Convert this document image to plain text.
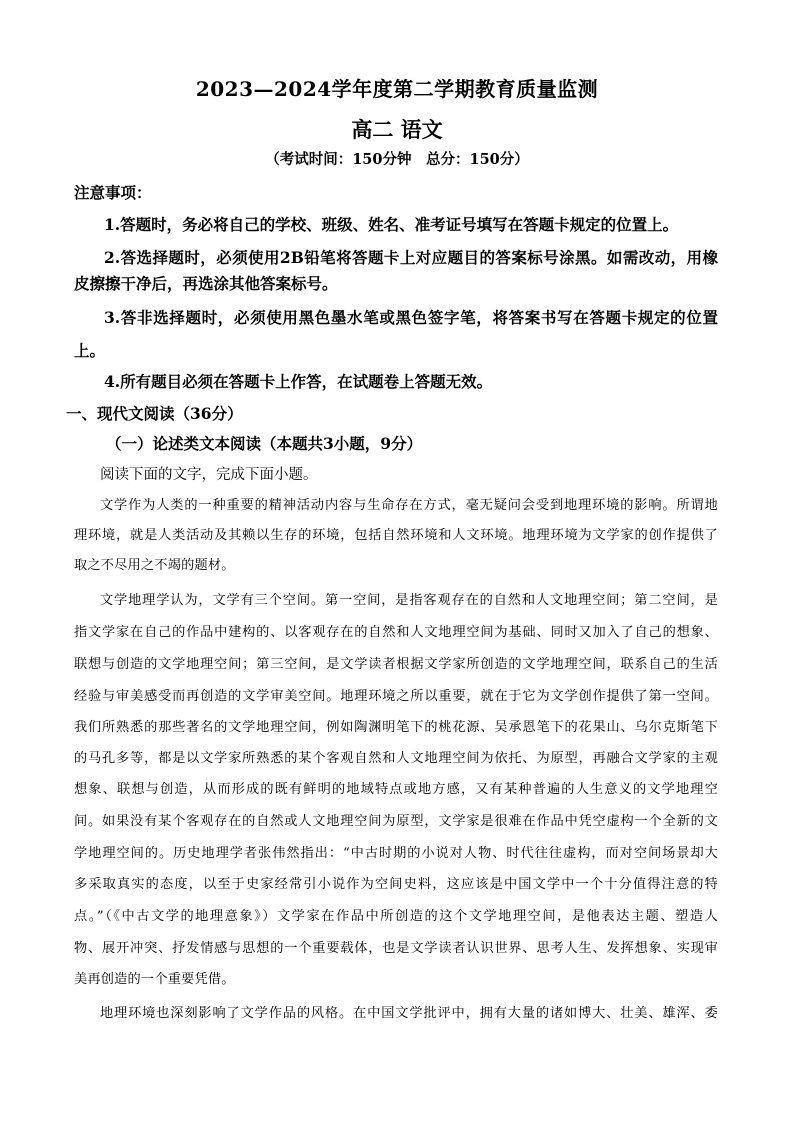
2023—2024学年度第二学期教育质量监测
高二 语文
（考试时间：150分钟　总分：150分）
注意事项：
1.答题时，务必将自己的学校、班级、姓名、准考证号填写在答题卡规定的位置上。
2.答选择题时，必须使用2B铅笔将答题卡上对应题目的答案标号涂黑。如需改动，用橡
皮擦擦干净后，再选涂其他答案标号。
3.答非选择题时，必须使用黑色墨水笔或黑色签字笔，将答案书写在答题卡规定的位置
上。
4.所有题目必须在答题卡上作答，在试题卷上答题无效。
一、现代文阅读（36分）
（一）论述类文本阅读（本题共3小题，9分）
阅读下面的文字，完成下面小题。
文学作为人类的一种重要的精神活动内容与生命存在方式，毫无疑问会受到地理环境的影响。所谓地
理环境，就是人类活动及其赖以生存的环境，包括自然环境和人文环境。地理环境为文学家的创作提供了
取之不尽用之不竭的题材。
文学地理学认为，文学有三个空间。第一空间，是指客观存在的自然和人文地理空间；第二空间，是
指文学家在自己的作品中建构的、以客观存在的自然和人文地理空间为基础、同时又加入了自己的想象、
联想与创造的文学地理空间；第三空间，是文学读者根据文学家所创造的文学地理空间，联系自己的生活
经验与审美感受而再创造的文学审美空间。地理环境之所以重要，就在于它为文学创作提供了第一空间。
我们所熟悉的那些著名的文学地理空间，例如陶渊明笔下的桃花源、吴承恩笔下的花果山、乌尔克斯笔下
的马孔多等，都是以文学家所熟悉的某个客观自然和人文地理空间为依托、为原型，再融合文学家的主观
想象、联想与创造，从而形成的既有鲜明的地域特点或地方感，又有某种普遍的人生意义的文学地理空
间。如果没有某个客观存在的自然或人文地理空间为原型，文学家是很难在作品中凭空虚构一个全新的文
学地理空间的。历史地理学者张伟然指出：“中古时期的小说对人物、时代往往虚构，而对空间场景却大
多采取真实的态度，以至于史家经常引小说作为空间史料，这应该是中国文学中一个十分值得注意的特
点。”（《中古文学的地理意象》）文学家在作品中所创造的这个文学地理空间，是他表达主题、塑造人
物、展开冲突、抒发情感与思想的一个重要载体，也是文学读者认识世界、思考人生、发挥想象、实现审
美再创造的一个重要凭借。
地理环境也深刻影响了文学作品的风格。在中国文学批评中，拥有大量的诸如博大、壮美、雄浑、委
